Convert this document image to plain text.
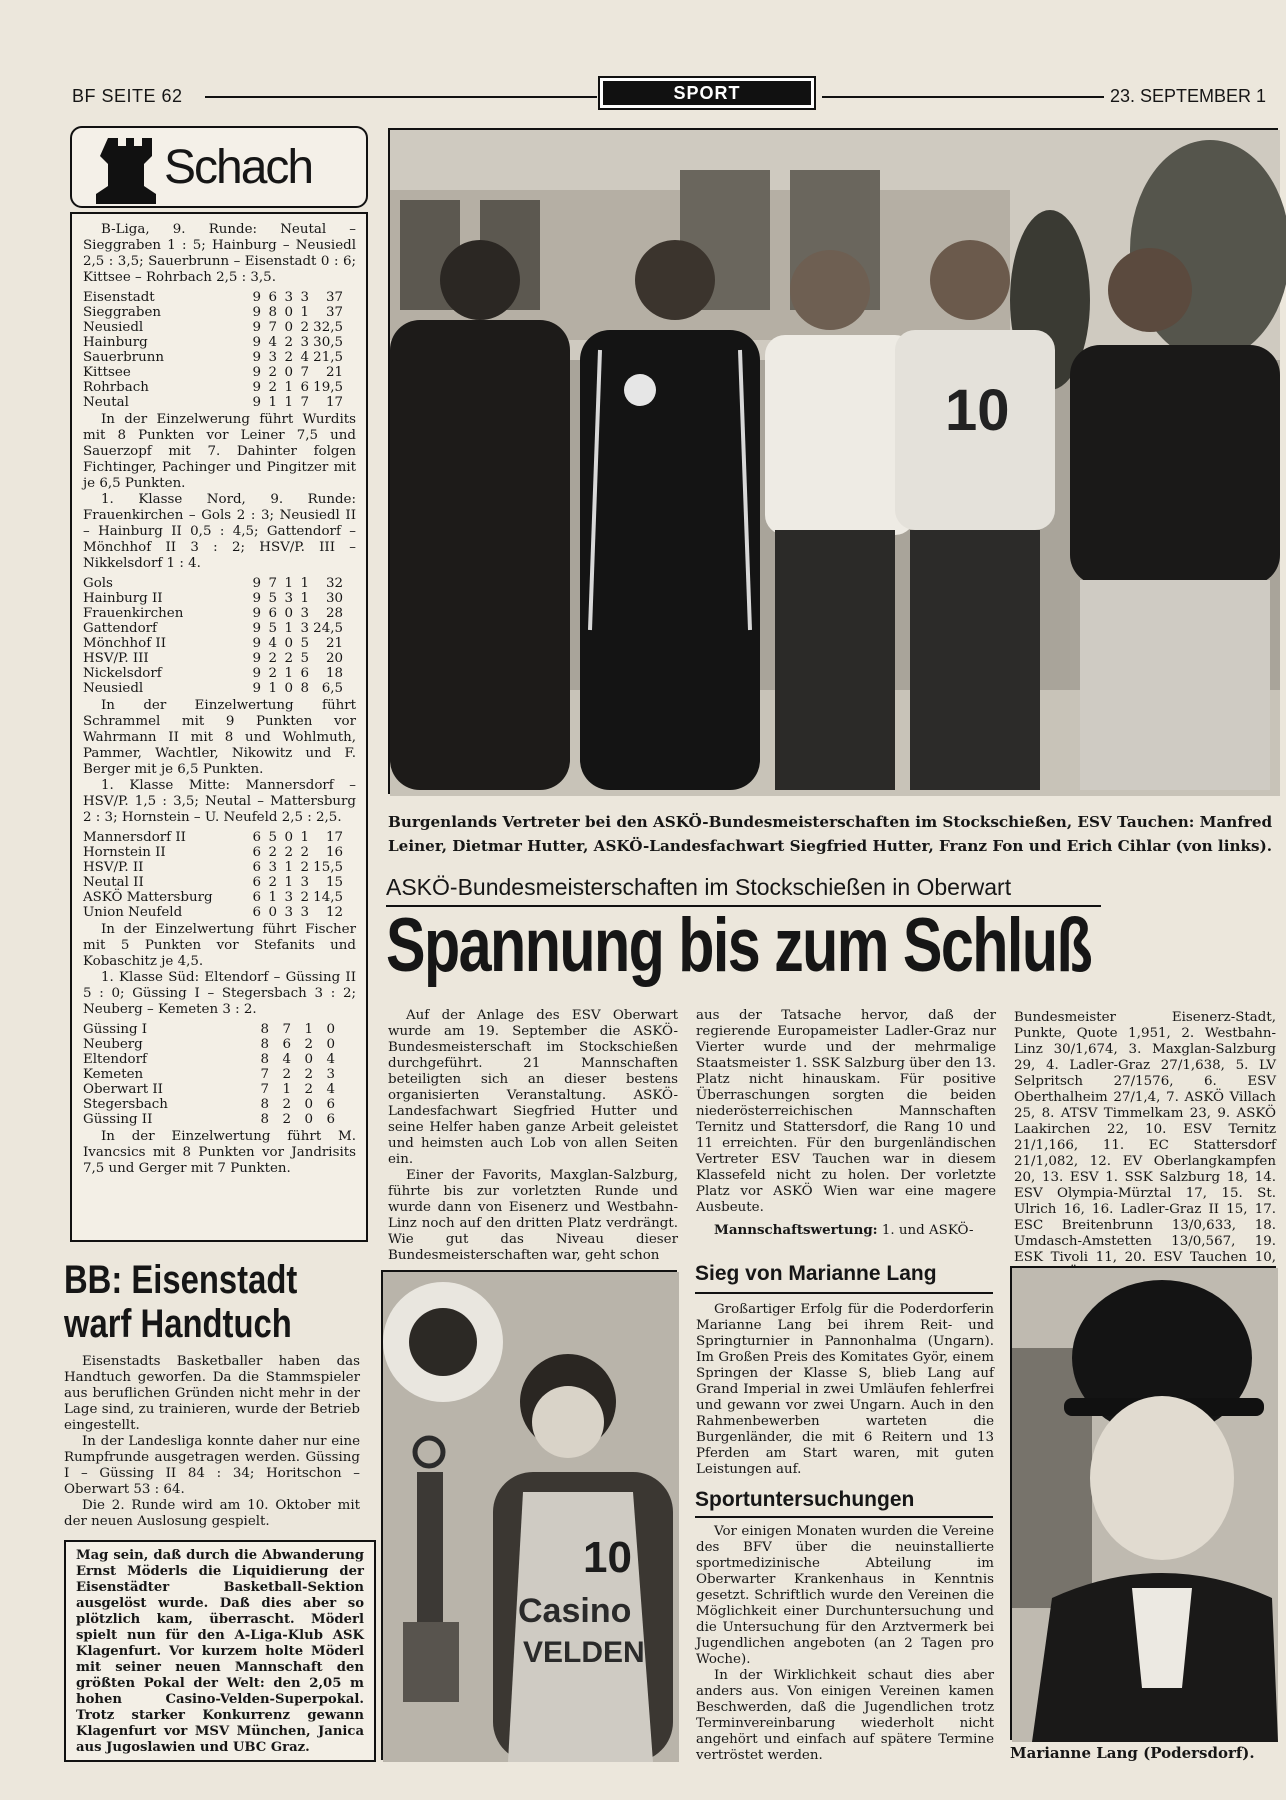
BF SEITE 62	SPORT	23. SEPTEMBER 1
Schach

B-Liga, 9. Runde: Neutal – Sieggraben 1 : 5; Hainburg – Neusiedl 2,5 : 3,5; Sauerbrunn – Eisenstadt 0 : 6; Kittsee – Rohrbach 2,5 : 3,5.

Eisenstadt	9	6	3	3	37
Sieggraben	9	8	0	1	37
Neusiedl	9	7	0	2	32,5
Hainburg	9	4	2	3	30,5
Sauerbrunn	9	3	2	4	21,5
Kittsee	9	2	0	7	21
Rohrbach	9	2	1	6	19,5
Neutal	9	1	1	7	17

In der Einzelwerung führt Wurdits mit 8 Punkten vor Leiner 7,5 und Sauerzopf mit 7. Dahinter folgen Fichtinger, Pachinger und Pingitzer mit je 6,5 Punkten.

1. Klasse Nord, 9. Runde: Frauenkirchen – Gols 2 : 3; Neusiedl II – Hainburg II 0,5 : 4,5; Gattendorf – Mönchhof II 3 : 2; HSV/P. III – Nikkelsdorf 1 : 4.

Gols	9	7	1	1	32
Hainburg II	9	5	3	1	30
Frauenkirchen	9	6	0	3	28
Gattendorf	9	5	1	3	24,5
Mönchhof II	9	4	0	5	21
HSV/P. III	9	2	2	5	20
Nickelsdorf	9	2	1	6	18
Neusiedl	9	1	0	8	6,5

In der Einzelwertung führt Schrammel mit 9 Punkten vor Wahrmann II mit 8 und Wohlmuth, Pammer, Wachtler, Nikowitz und F. Berger mit je 6,5 Punkten.

1. Klasse Mitte: Mannersdorf – HSV/P. 1,5 : 3,5; Neutal – Mattersburg 2 : 3; Hornstein – U. Neufeld 2,5 : 2,5.

Mannersdorf II	6	5	0	1	17
Hornstein II	6	2	2	2	16
HSV/P. II	6	3	1	2	15,5
Neutal II	6	2	1	3	15
ASKÖ Mattersburg	6	1	3	2	14,5
Union Neufeld	6	0	3	3	12

In der Einzelwertung führt Fischer mit 5 Punkten vor Stefanits und Kobaschitz je 4,5.

1. Klasse Süd: Eltendorf – Güssing II 5 : 0; Güssing I – Stegersbach 3 : 2; Neuberg – Kemeten 3 : 2.

Güssing I	8	7	1	0
Neuberg	8	6	2	0
Eltendorf	8	4	0	4
Kemeten	7	2	2	3
Oberwart II	7	1	2	4
Stegersbach	8	2	0	6
Güssing II	8	2	0	6

In der Einzelwertung führt M. Ivancsics mit 8 Punkten vor Jandrisits 7,5 und Gerger mit 7 Punkten.

10
Burgenlands Vertreter bei den ASKÖ-Bundesmeisterschaften im Stockschießen, ESV Tauchen: Manfred Leiner, Dietmar Hutter, ASKÖ-Landesfachwart Siegfried Hutter, Franz Fon und Erich Cihlar (von links).
ASKÖ-Bundesmeisterschaften im Stockschießen in Oberwart
Spannung bis zum Schluß

Auf der Anlage des ESV Oberwart wurde am 19. September die ASKÖ-Bundesmeisterschaft im Stockschießen durchgeführt. 21 Mannschaften beteiligten sich an dieser bestens organisierten Veranstaltung. ASKÖ-Landesfachwart Siegfried Hutter und seine Helfer haben ganze Arbeit geleistet und heimsten auch Lob von allen Seiten ein.

Einer der Favorits, Maxglan-Salzburg, führte bis zur vorletzten Runde und wurde dann von Eisenerz und Westbahn-Linz noch auf den dritten Platz verdrängt. Wie gut das Niveau dieser Bundesmeisterschaften war, geht schon

aus der Tatsache hervor, daß der regierende Europameister Ladler-Graz nur Vierter wurde und der mehrmalige Staatsmeister 1. SSK Salzburg über den 13. Platz nicht hinauskam. Für positive Überraschungen sorgten die beiden niederösterreichischen Mannschaften Ternitz und Stattersdorf, die Rang 10 und 11 erreichten. Für den burgenländischen Vertreter ESV Tauchen war in diesem Klassefeld nicht zu holen. Der vorletzte Platz vor ASKÖ Wien war eine magere Ausbeute.

Mannschaftswertung: 1. und ASKÖ-

Bundesmeister Eisenerz-Stadt, Punkte, Quote 1,951, 2. Westbahn-Linz 30/1,674, 3. Maxglan-Salzburg 29, 4. Ladler-Graz 27/1,638, 5. LV Selpritsch 27/1576, 6. ESV Oberthalheim 27/1,4, 7. ASKÖ Villach 25, 8. ATSV Timmelkam 23, 9. ASKÖ Laakirchen 22, 10. ESV Ternitz 21/1,166, 11. EC Stattersdorf 21/1,082, 12. EV Oberlangkampfen 20, 13. ESV 1. SSK Salzburg 18, 14. ESV Olympia-Mürztal 17, 15. St. Ulrich 16, 16. Ladler-Graz II 15, 17. ESC Breitenbrunn 13/0,633, 18. Umdasch-Amstetten 13/0,567, 19. ESK Tivoli 11, 20. ESV Tauchen 10,

BB: Eisenstadt
warf Handtuch

Eisenstadts Basketballer haben das Handtuch geworfen. Da die Stammspieler aus beruflichen Gründen nicht mehr in der Lage sind, zu trainieren, wurde der Betrieb eingestellt.

In der Landesliga konnte daher nur eine Rumpfrunde ausgetragen werden. Güssing I – Güssing II 84 : 34; Horitschon – Oberwart 53 : 64.

Die 2. Runde wird am 10. Oktober mit der neuen Auslosung gespielt.

Mag sein, daß durch die Abwanderung Ernst Möderls die Liquidierung der Eisenstädter Basketball-Sektion ausgelöst wurde. Daß dies aber so plötzlich kam, überrascht. Möderl spielt nun für den A-Liga-Klub ASK Klagenfurt. Vor kurzem holte Möderl mit seiner neuen Mannschaft den größten Pokal der Welt: den 2,05 m hohen Casino-Velden-Superpokal. Trotz starker Konkurrenz gewann Klagenfurt vor MSV München, Janica aus Jugoslawien und UBC Graz.

10
Casino
VELDEN
Sieg von Marianne Lang

Großartiger Erfolg für die Poderdorferin Marianne Lang bei ihrem Reit- und Springturnier in Pannonhalma (Ungarn). Im Großen Preis des Komitates Györ, einem Springen der Klasse S, blieb Lang auf Grand Imperial in zwei Umläufen fehlerfrei und gewann vor zwei Ungarn. Auch in den Rahmenbewerben warteten die Burgenländer, die mit 6 Reitern und 13 Pferden am Start waren, mit guten Leistungen auf.

Sportuntersuchungen

Vor einigen Monaten wurden die Vereine des BFV über die neuinstallierte sportmedizinische Abteilung im Oberwarter Krankenhaus in Kenntnis gesetzt. Schriftlich wurde den Vereinen die Möglichkeit einer Durchuntersuchung und die Untersuchung für den Arztvermerk bei Jugendlichen angeboten (an 2 Tagen pro Woche).

In der Wirklichkeit schaut dies aber anders aus. Von einigen Vereinen kamen Beschwerden, daß die Jugendlichen trotz Terminvereinbarung wiederholt nicht angehört und einfach auf spätere Termine vertröstet werden.	Marianne Lang (Podersdorf).
